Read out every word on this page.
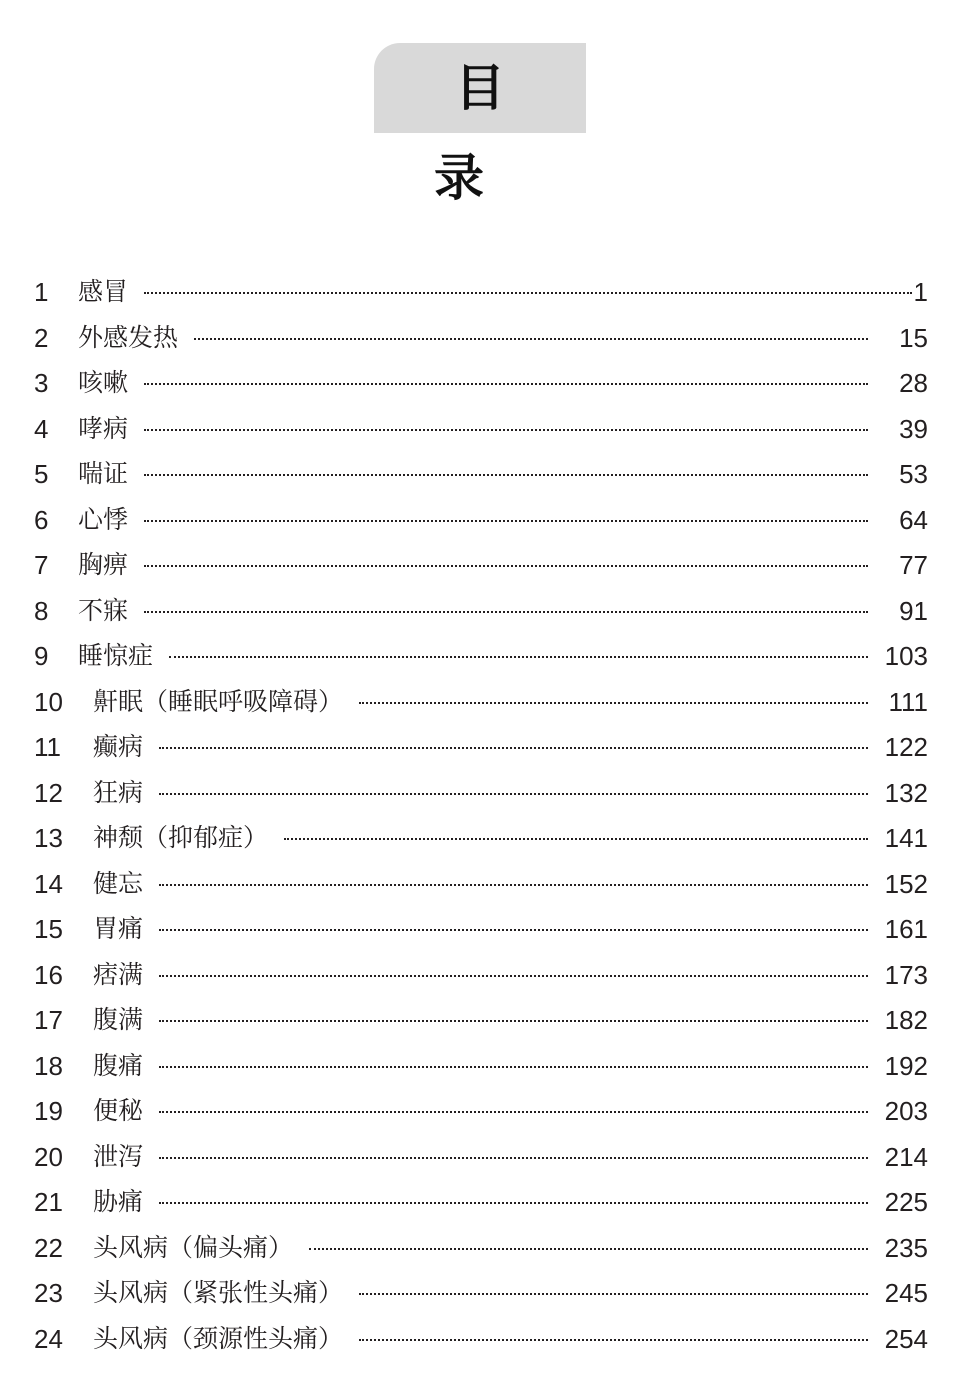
目　录
1 感冒	1
2 外感发热	15
3 咳嗽	28
4 哮病	39
5 喘证	53
6 心悸	64
7 胸痹	77
8 不寐	91
9 睡惊症	103
10 鼾眠（睡眠呼吸障碍）	111
11 癫病	122
12 狂病	132
13 神颓（抑郁症）	141
14 健忘	152
15 胃痛	161
16 痞满	173
17 腹满	182
18 腹痛	192
19 便秘	203
20 泄泻	214
21 胁痛	225
22 头风病（偏头痛）	235
23 头风病（紧张性头痛）	245
24 头风病（颈源性头痛）	254
